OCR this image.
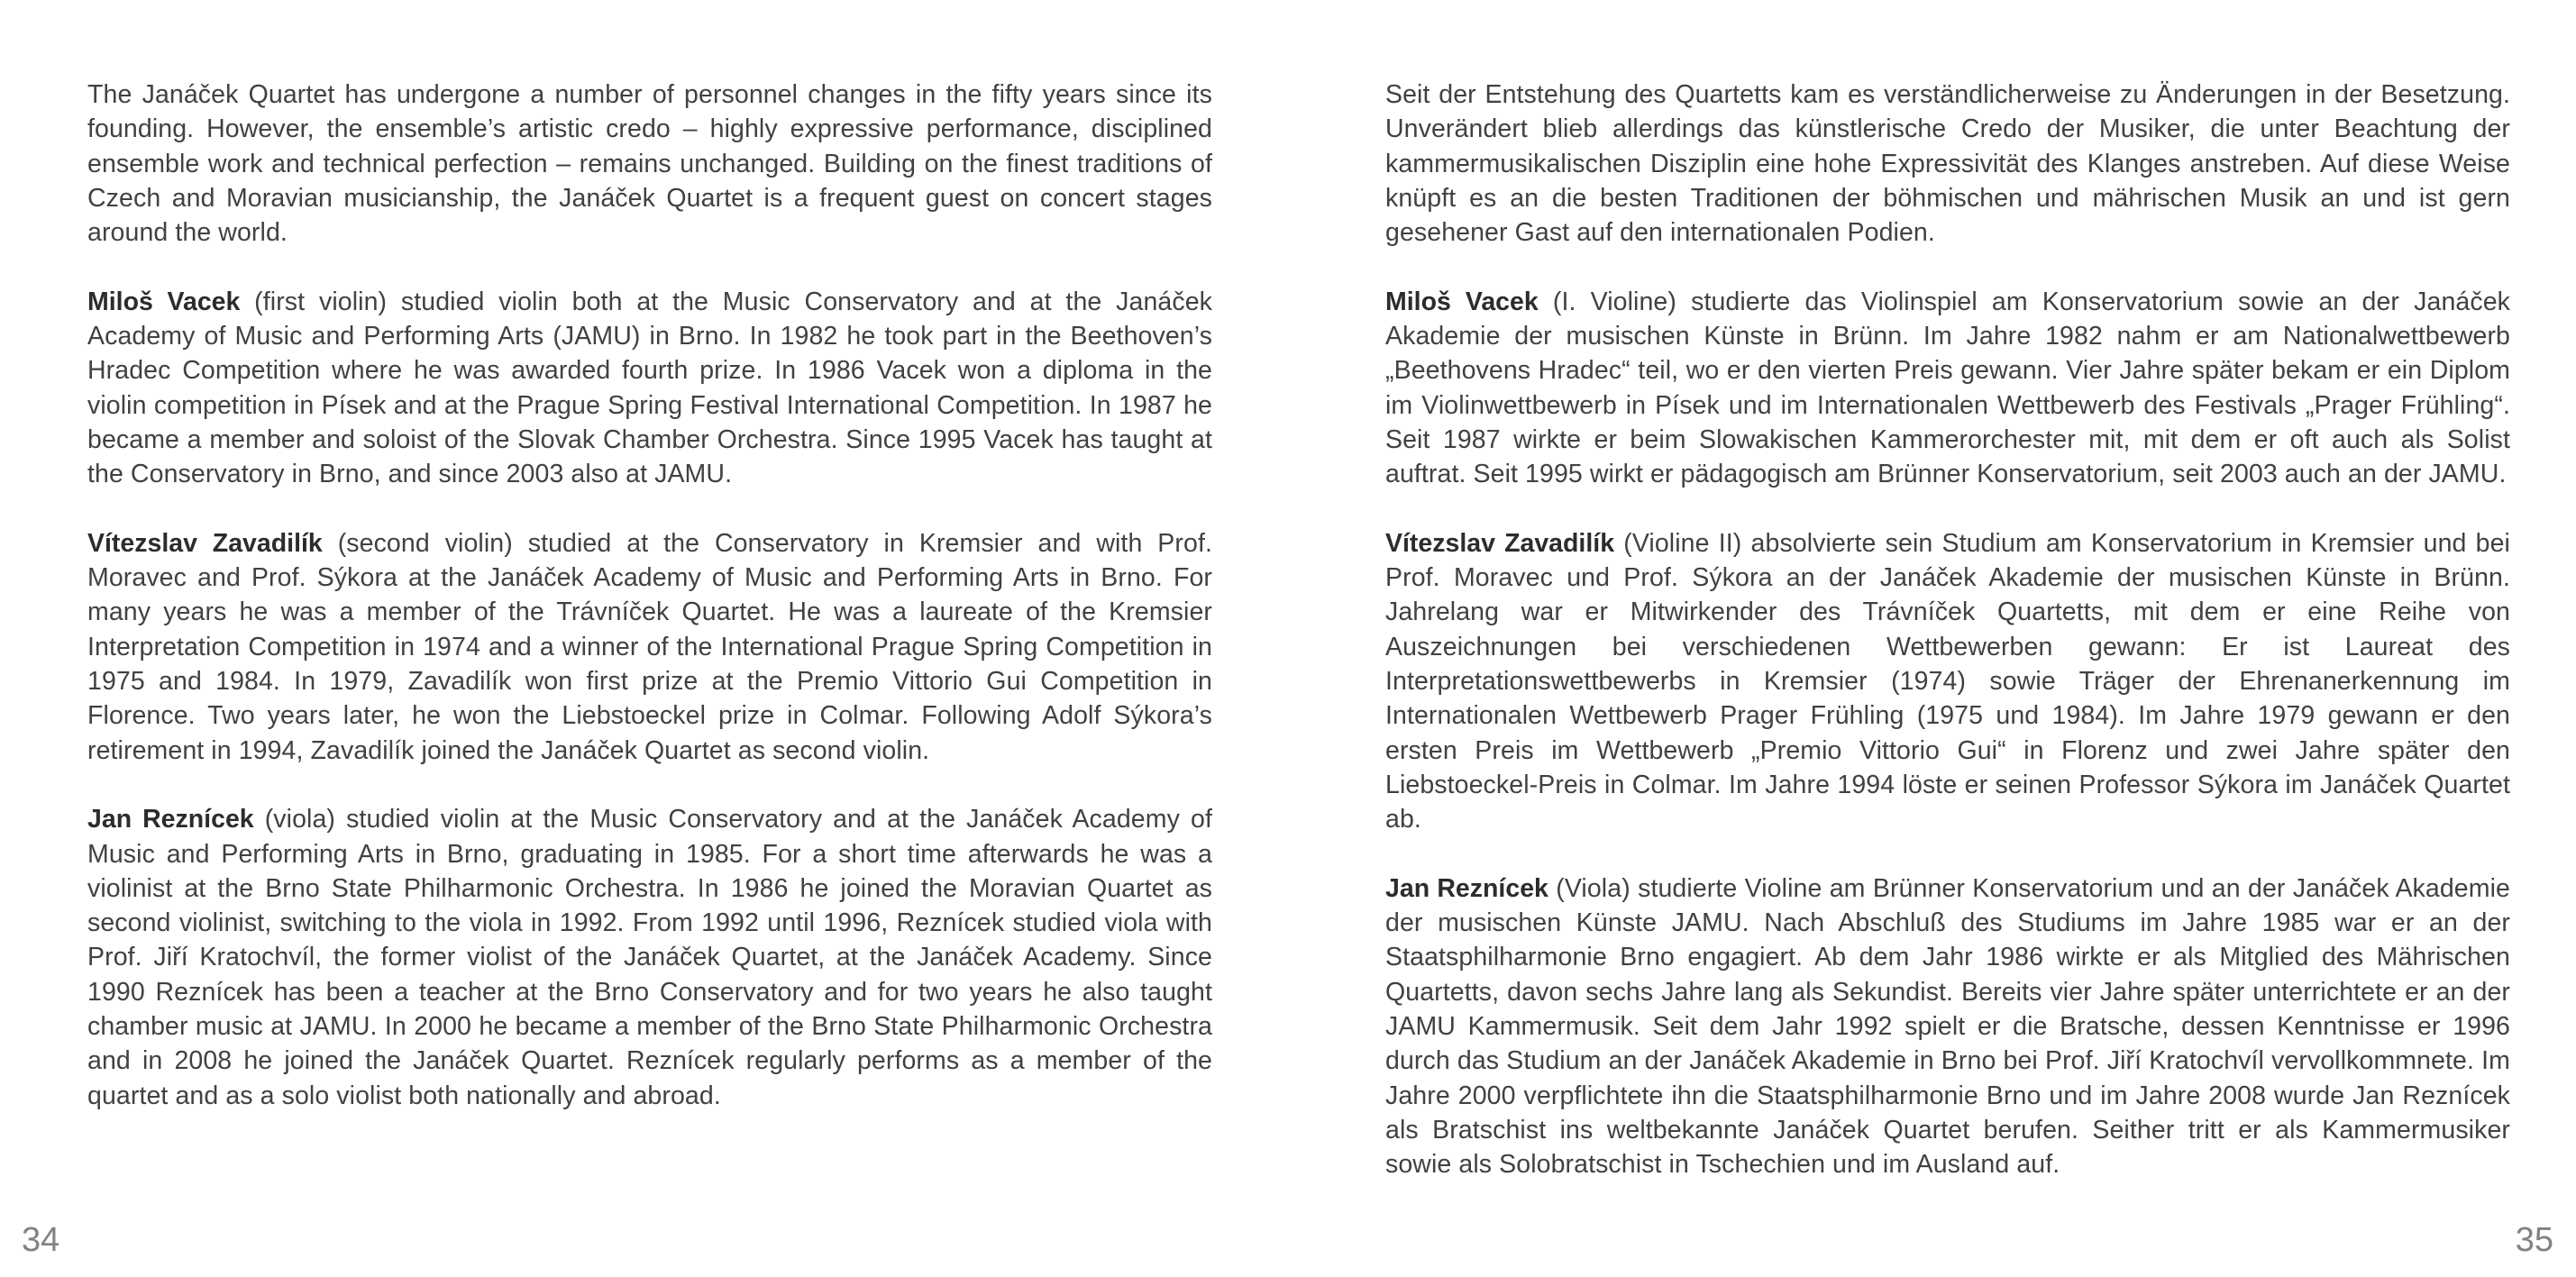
The Janáček Quartet has undergone a number of personnel changes in the fifty years since its founding. However, the ensemble’s artistic credo – highly expressive performance, disciplined ensemble work and technical perfection – remains unchanged. Building on the finest traditions of Czech and Moravian musicianship, the Janáček Quartet is a frequent guest on concert stages around the world.

Miloš Vacek (first violin) studied violin both at the Music Conservatory and at the Janáček Academy of Music and Performing Arts (JAMU) in Brno. In 1982 he took part in the Beethoven’s Hradec Competition where he was awarded fourth prize. In 1986 Vacek won a diploma in the violin competition in Písek and at the Prague Spring Festival International Competition. In 1987 he became a member and soloist of the Slovak Chamber Orchestra. Since 1995 Vacek has taught at the Conservatory in Brno, and since 2003 also at JAMU.

Vítezslav Zavadilík (second violin) studied at the Conservatory in Kremsier and with Prof. Moravec and Prof. Sýkora at the Janáček Academy of Music and Performing Arts in Brno. For many years he was a member of the Trávníček Quartet. He was a laureate of the Kremsier Interpretation Competition in 1974 and a winner of the International Prague Spring Competition in 1975 and 1984. In 1979, Zavadilík won first prize at the Premio Vittorio Gui Competition in Florence. Two years later, he won the Liebstoeckel prize in Colmar. Following Adolf Sýkora’s retirement in 1994, Zavadilík joined the Janáček Quartet as second violin.

Jan Reznícek (viola) studied violin at the Music Conservatory and at the Janáček Academy of Music and Performing Arts in Brno, graduating in 1985. For a short time afterwards he was a violinist at the Brno State Philharmonic Orchestra. In 1986 he joined the Moravian Quartet as second violinist, switching to the viola in 1992. From 1992 until 1996, Reznícek studied viola with Prof. Jiří Kratochvíl, the former violist of the Janáček Quartet, at the Janáček Academy. Since 1990 Reznícek has been a teacher at the Brno Conservatory and for two years he also taught chamber music at JAMU. In 2000 he became a member of the Brno State Philharmonic Orchestra and in 2008 he joined the Janáček Quartet. Reznícek regularly performs as a member of the quartet and as a solo violist both nationally and abroad.

34

Seit der Entstehung des Quartetts kam es verständlicherweise zu Änderungen in der Besetzung. Unverändert blieb allerdings das künstlerische Credo der Musiker, die unter Beachtung der kammermusikalischen Disziplin eine hohe Expressivität des Klanges anstreben. Auf diese Weise knüpft es an die besten Traditionen der böhmischen und mährischen Musik an und ist gern gesehener Gast auf den internationalen Podien.

Miloš Vacek (I. Violine) studierte das Violinspiel am Konservatorium sowie an der Janáček Akademie der musischen Künste in Brünn. Im Jahre 1982 nahm er am Nationalwettbewerb „Beethovens Hradec“ teil, wo er den vierten Preis gewann. Vier Jahre später bekam er ein Diplom im Violinwettbewerb in Písek und im Internationalen Wettbewerb des Festivals „Prager Frühling“. Seit 1987 wirkte er beim Slowakischen Kammerorchester mit, mit dem er oft auch als Solist auftrat. Seit 1995 wirkt er pädagogisch am Brünner Konservatorium, seit 2003 auch an der JAMU.

Vítezslav Zavadilík (Violine II) absolvierte sein Studium am Konservatorium in Kremsier und bei Prof. Moravec und Prof. Sýkora an der Janáček Akademie der musischen Künste in Brünn. Jahrelang war er Mitwirkender des Trávníček Quartetts, mit dem er eine Reihe von Auszeichnungen bei verschiedenen Wettbewerben gewann: Er ist Laureat des Interpretationswettbewerbs in Kremsier (1974) sowie Träger der Ehrenanerkennung im Internationalen Wettbewerb Prager Frühling (1975 und 1984). Im Jahre 1979 gewann er den ersten Preis im Wettbewerb „Premio Vittorio Gui“ in Florenz und zwei Jahre später den Liebstoeckel-Preis in Colmar. Im Jahre 1994 löste er seinen Professor Sýkora im Janáček Quartet ab.

Jan Reznícek (Viola) studierte Violine am Brünner Konservatorium und an der Janáček Akademie der musischen Künste JAMU. Nach Abschluß des Studiums im Jahre 1985 war er an der Staatsphilharmonie Brno engagiert. Ab dem Jahr 1986 wirkte er als Mitglied des Mährischen Quartetts, davon sechs Jahre lang als Sekundist. Bereits vier Jahre später unterrichtete er an der JAMU Kammermusik. Seit dem Jahr 1992 spielt er die Bratsche, dessen Kenntnisse er 1996 durch das Studium an der Janáček Akademie in Brno bei Prof. Jiří Kratochvíl vervollkommnete. Im Jahre 2000 verpflichtete ihn die Staatsphilharmonie Brno und im Jahre 2008 wurde Jan Reznícek als Bratschist ins weltbekannte Janáček Quartet berufen. Seither tritt er als Kammermusiker sowie als Solobratschist in Tschechien und im Ausland auf.

35
